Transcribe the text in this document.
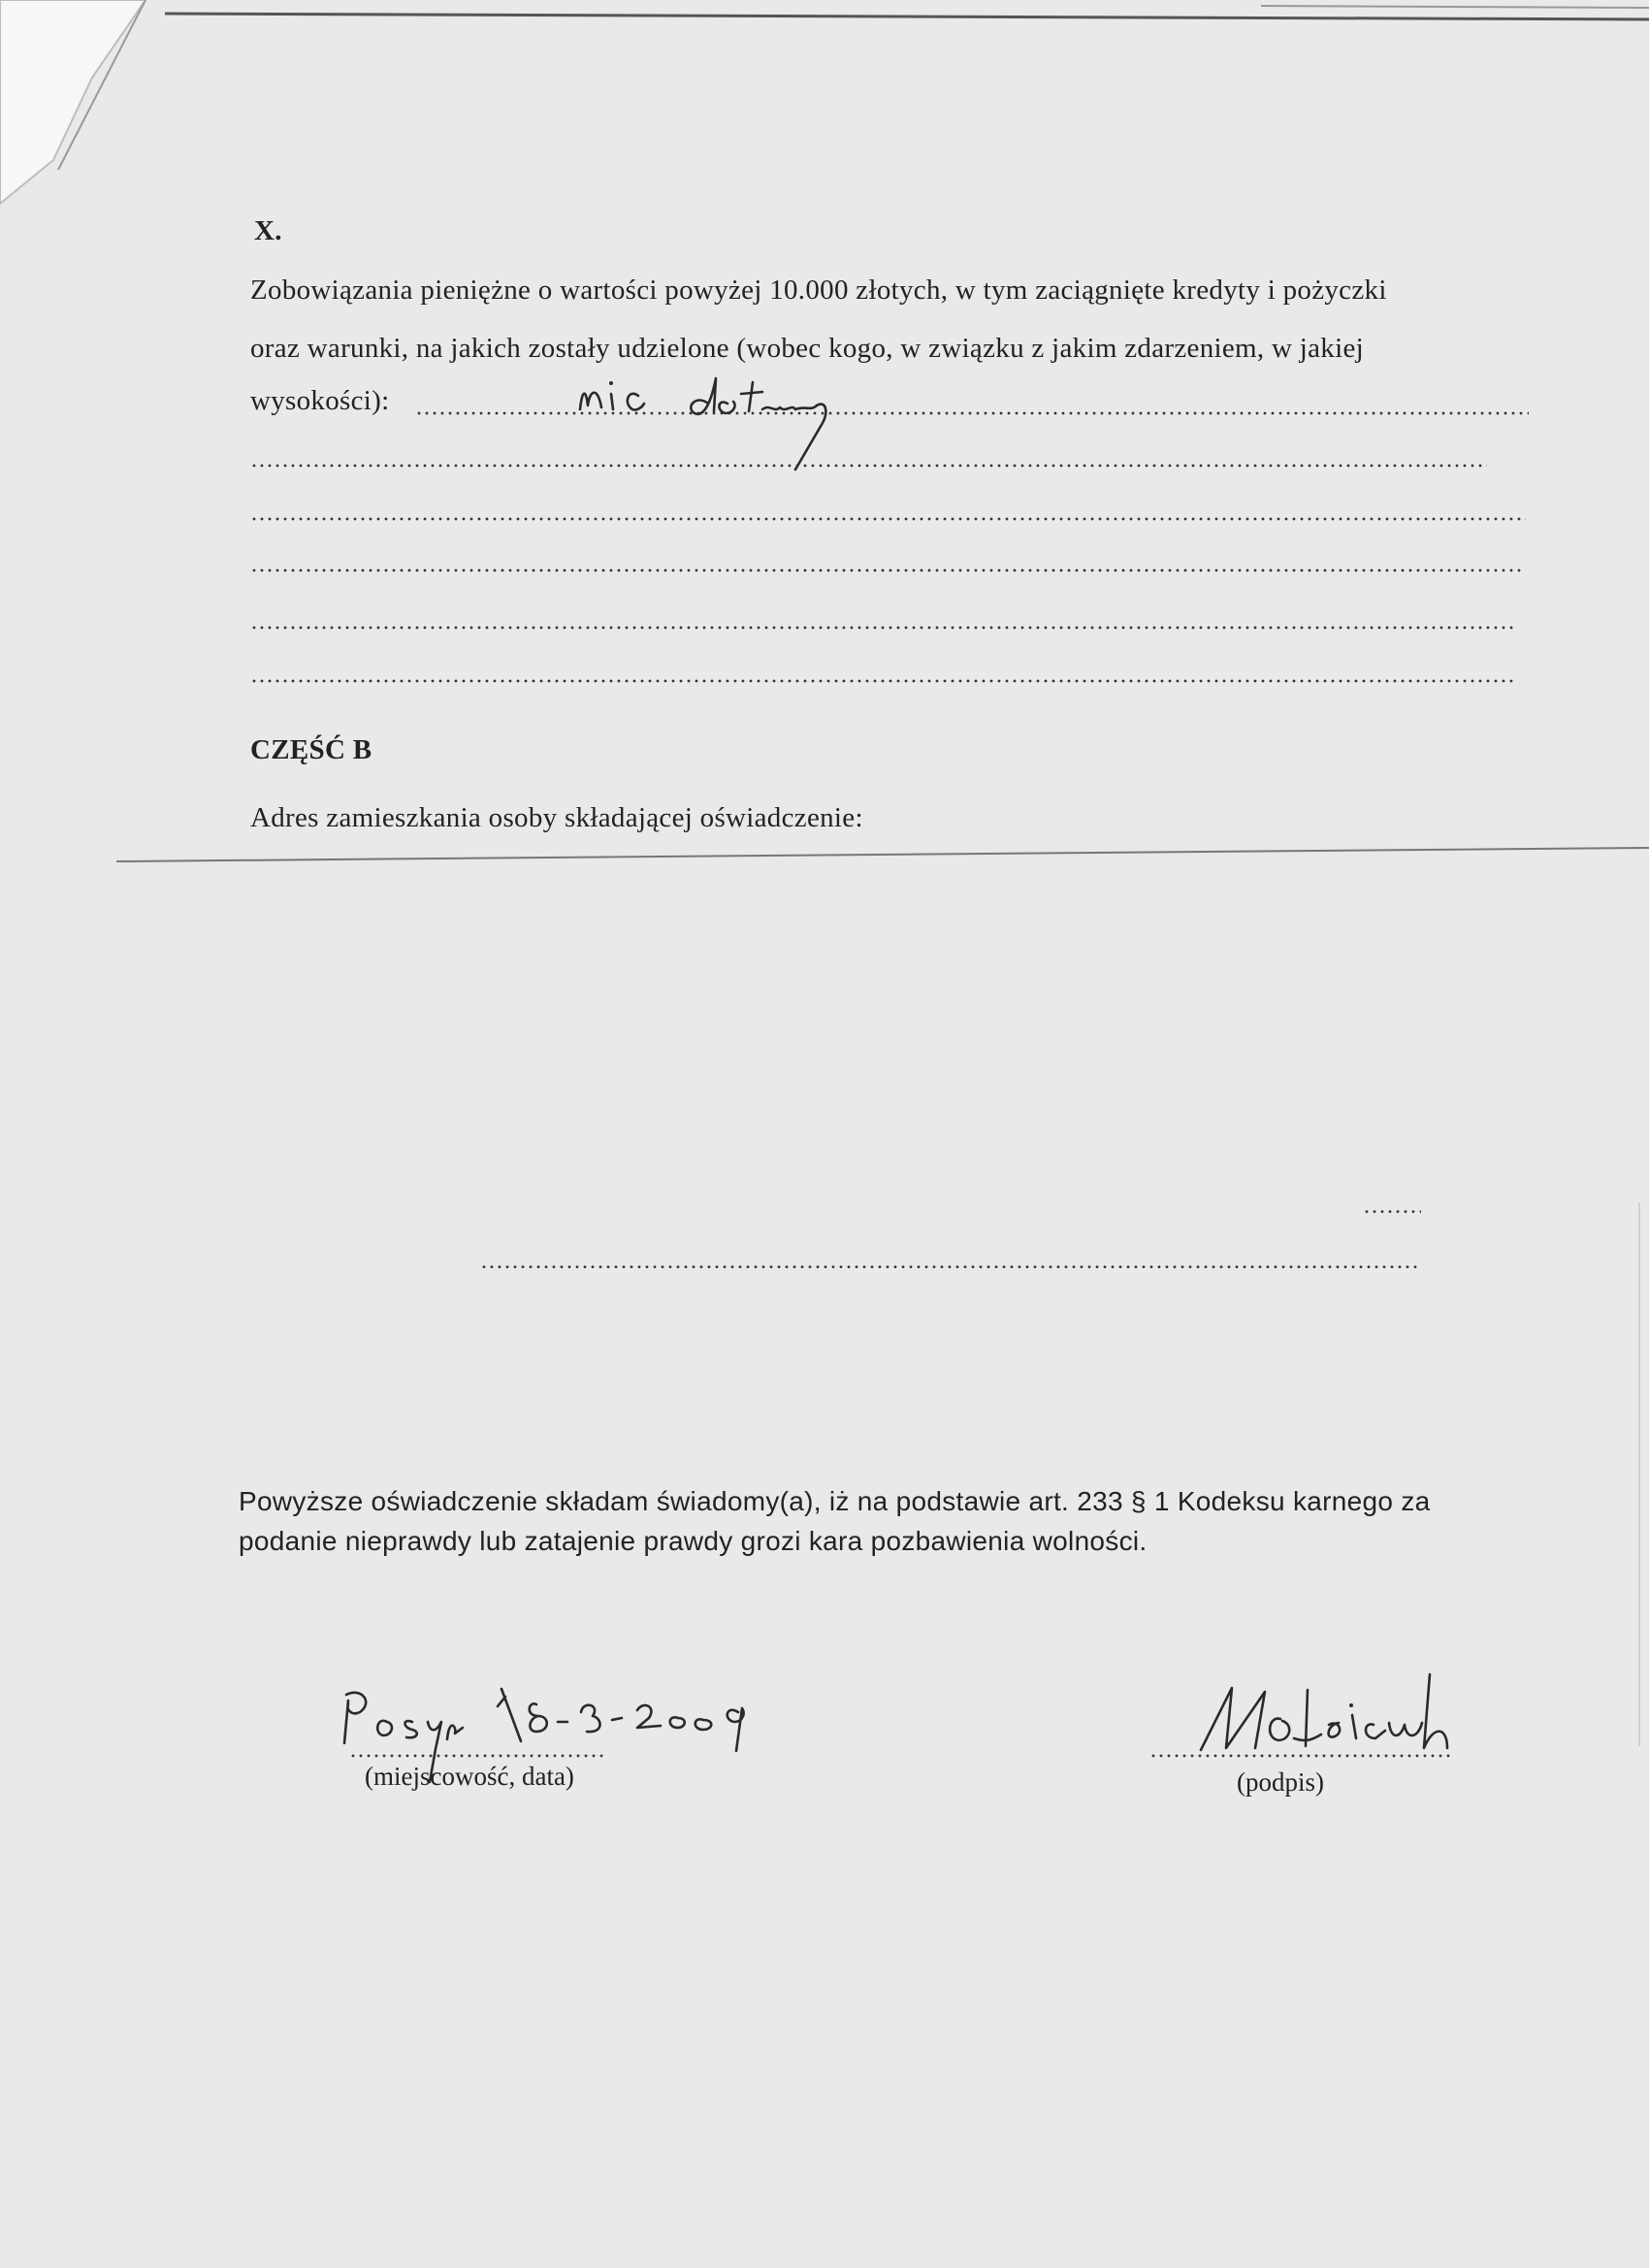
X.
Zobowiązania pieniężne o wartości powyżej 10.000 złotych, w tym zaciągnięte kredyty i pożyczki
oraz warunki, na jakich zostały udzielone (wobec kogo, w związku z jakim zdarzeniem, w jakiej
wysokości):
CZĘŚĆ B
Adres zamieszkania osoby składającej oświadczenie:
Powyższe oświadczenie składam świadomy(a), iż na podstawie art. 233 § 1 Kodeksu karnego za
podanie nieprawdy lub zatajenie prawdy grozi kara pozbawienia wolności.
(miejscowość, data)	(podpis)
